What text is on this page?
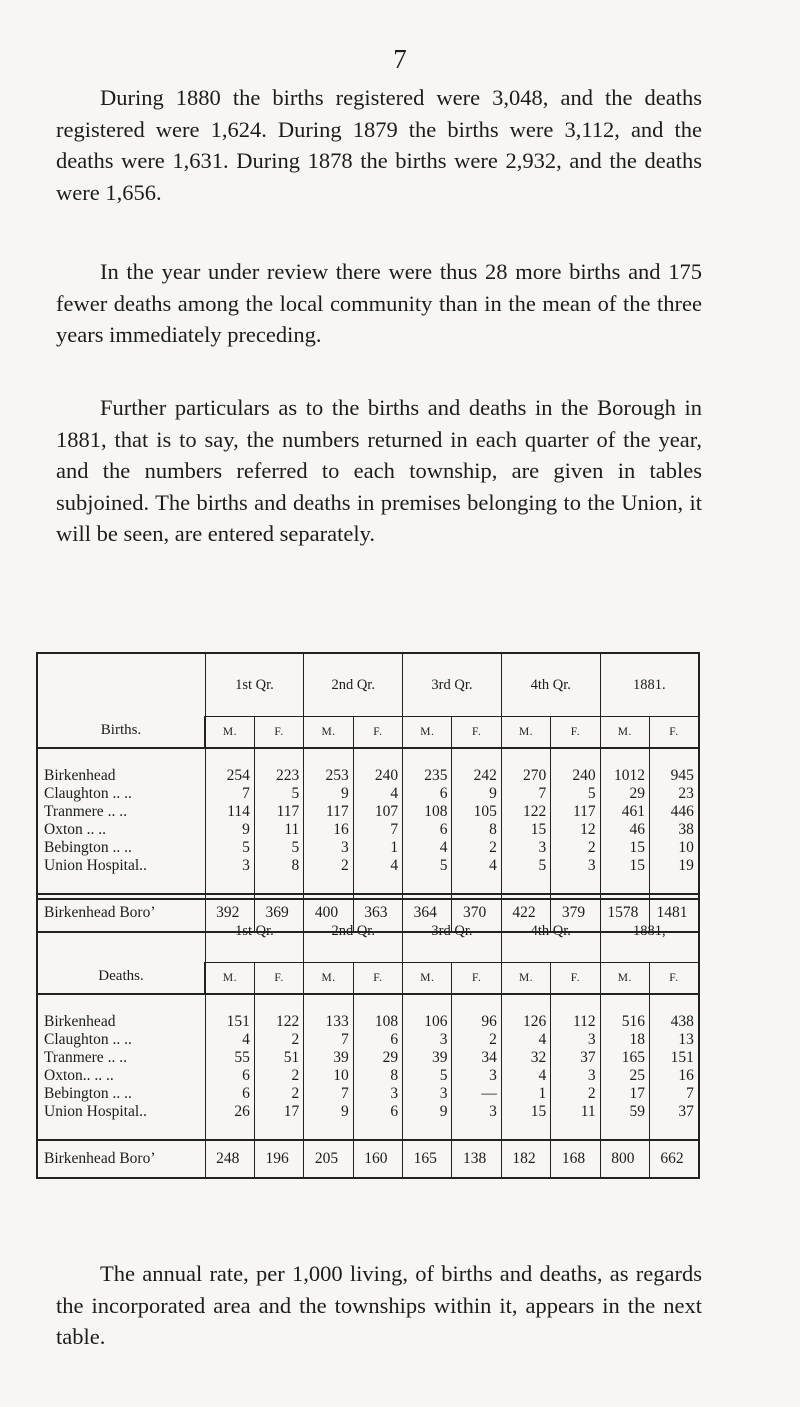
7

During 1880 the births registered were 3,048, and the deaths registered were 1,624. During 1879 the births were 3,112, and the deaths were 1,631. During 1878 the births were 2,932, and the deaths were 1,656.

In the year under review there were thus 28 more births and 175 fewer deaths among the local community than in the mean of the three years immediately preceding.

Further particulars as to the births and deaths in the Borough in 1881, that is to say, the numbers returned in each quarter of the year, and the numbers referred to each township, are given in tables subjoined. The births and deaths in premises belonging to the Union, it will be seen, are entered separately.

Births.	1st Qr.		2nd Qr.		3rd Qr.		4th Qr.		1881.	
	M.	F.	M.	F.	M.	F.	M.	F.	M.	F.

Birkenhead	254	223	253	240	235	242	270	240	1012	945
Claughton .. ..	7	5	9	4	6	9	7	5	29	23
Tranmere .. ..	114	117	117	107	108	105	122	117	461	446
Oxton .. ..	9	11	16	7	6	8	15	12	46	38
Bebington .. ..	5	5	3	1	4	2	3	2	15	10
Union Hospital..	3	8	2	4	5	4	5	3	15	19

Birkenhead Boro’	392	369	400	363	364	370	422	379	1578	1481
Deaths.	1st Qr.		2nd Qr.		3rd Qr.		4th Qr.		1881,	
	M.	F.	M.	F.	M.	F.	M.	F.	M.	F.

Birkenhead	151	122	133	108	106	96	126	112	516	438
Claughton .. ..	4	2	7	6	3	2	4	3	18	13
Tranmere .. ..	55	51	39	29	39	34	32	37	165	151
Oxton.. .. ..	6	2	10	8	5	3	4	3	25	16
Bebington .. ..	6	2	7	3	3	—	1	2	17	7
Union Hospital..	26	17	9	6	9	3	15	11	59	37

Birkenhead Boro’	248	196	205	160	165	138	182	168	800	662

The annual rate, per 1,000 living, of births and deaths, as regards the incorporated area and the townships within it, appears in the next table.
